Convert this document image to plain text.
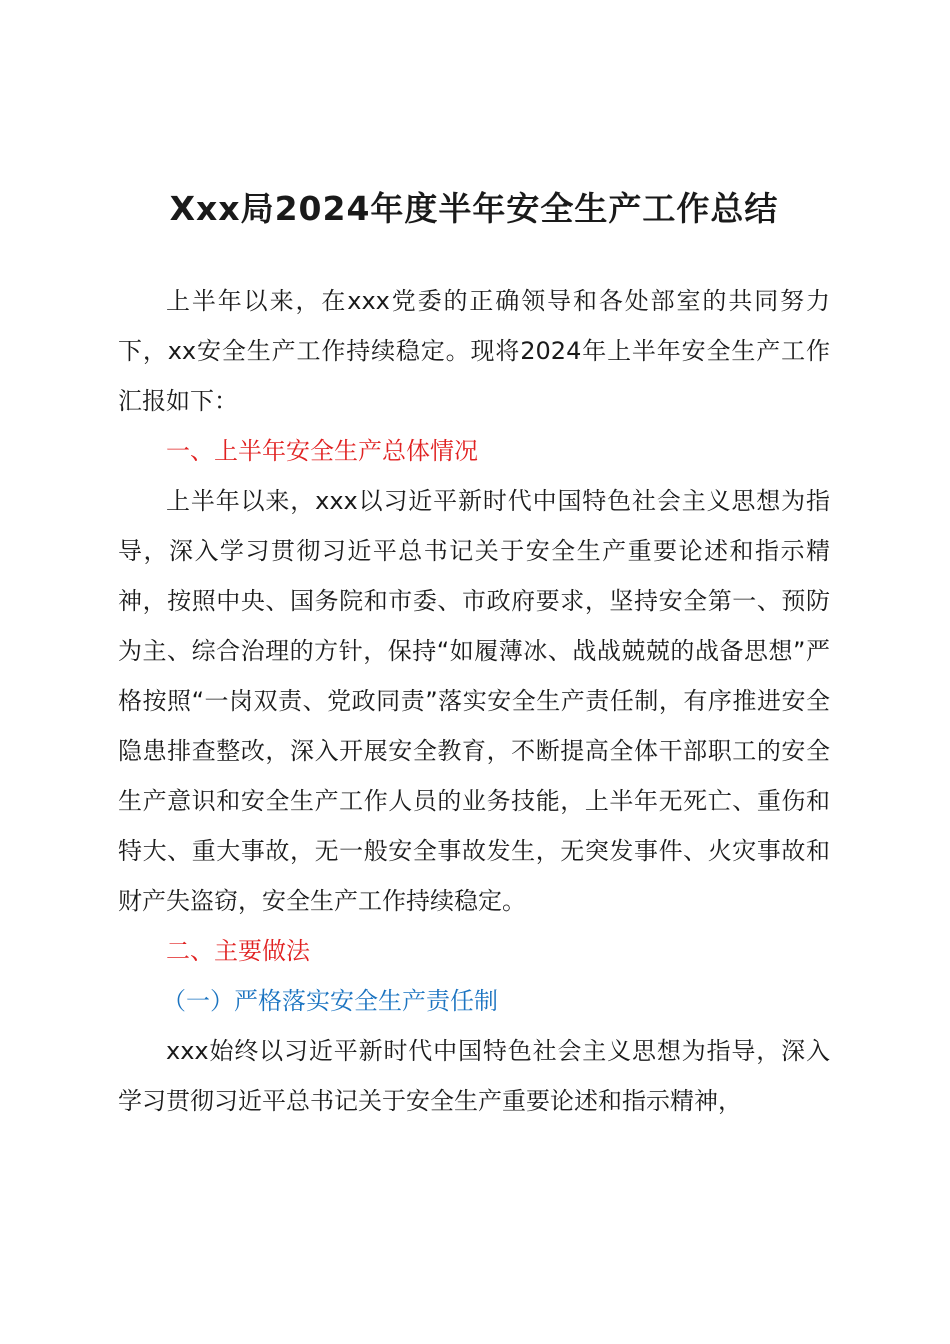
Xxx局2024年度半年安全生产工作总结

上半年以来，在xxx党委的正确领导和各处部室的共同努力下，xx安全生产工作持续稳定。现将2024年上半年安全生产工作汇报如下：

一、上半年安全生产总体情况

上半年以来，xxx以习近平新时代中国特色社会主义思想为指导，深入学习贯彻习近平总书记关于安全生产重要论述和指示精神，按照中央、国务院和市委、市政府要求，坚持安全第一、预防为主、综合治理的方针，保持“如履薄冰、战战兢兢的战备思想”严格按照“一岗双责、党政同责”落实安全生产责任制，有序推进安全隐患排查整改，深入开展安全教育，不断提高全体干部职工的安全生产意识和安全生产工作人员的业务技能，上半年无死亡、重伤和特大、重大事故，无一般安全事故发生，无突发事件、火灾事故和财产失盗窃，安全生产工作持续稳定。

二、主要做法

（一）严格落实安全生产责任制

xxx始终以习近平新时代中国特色社会主义思想为指导，深入学习贯彻习近平总书记关于安全生产重要论述和指示精神，
